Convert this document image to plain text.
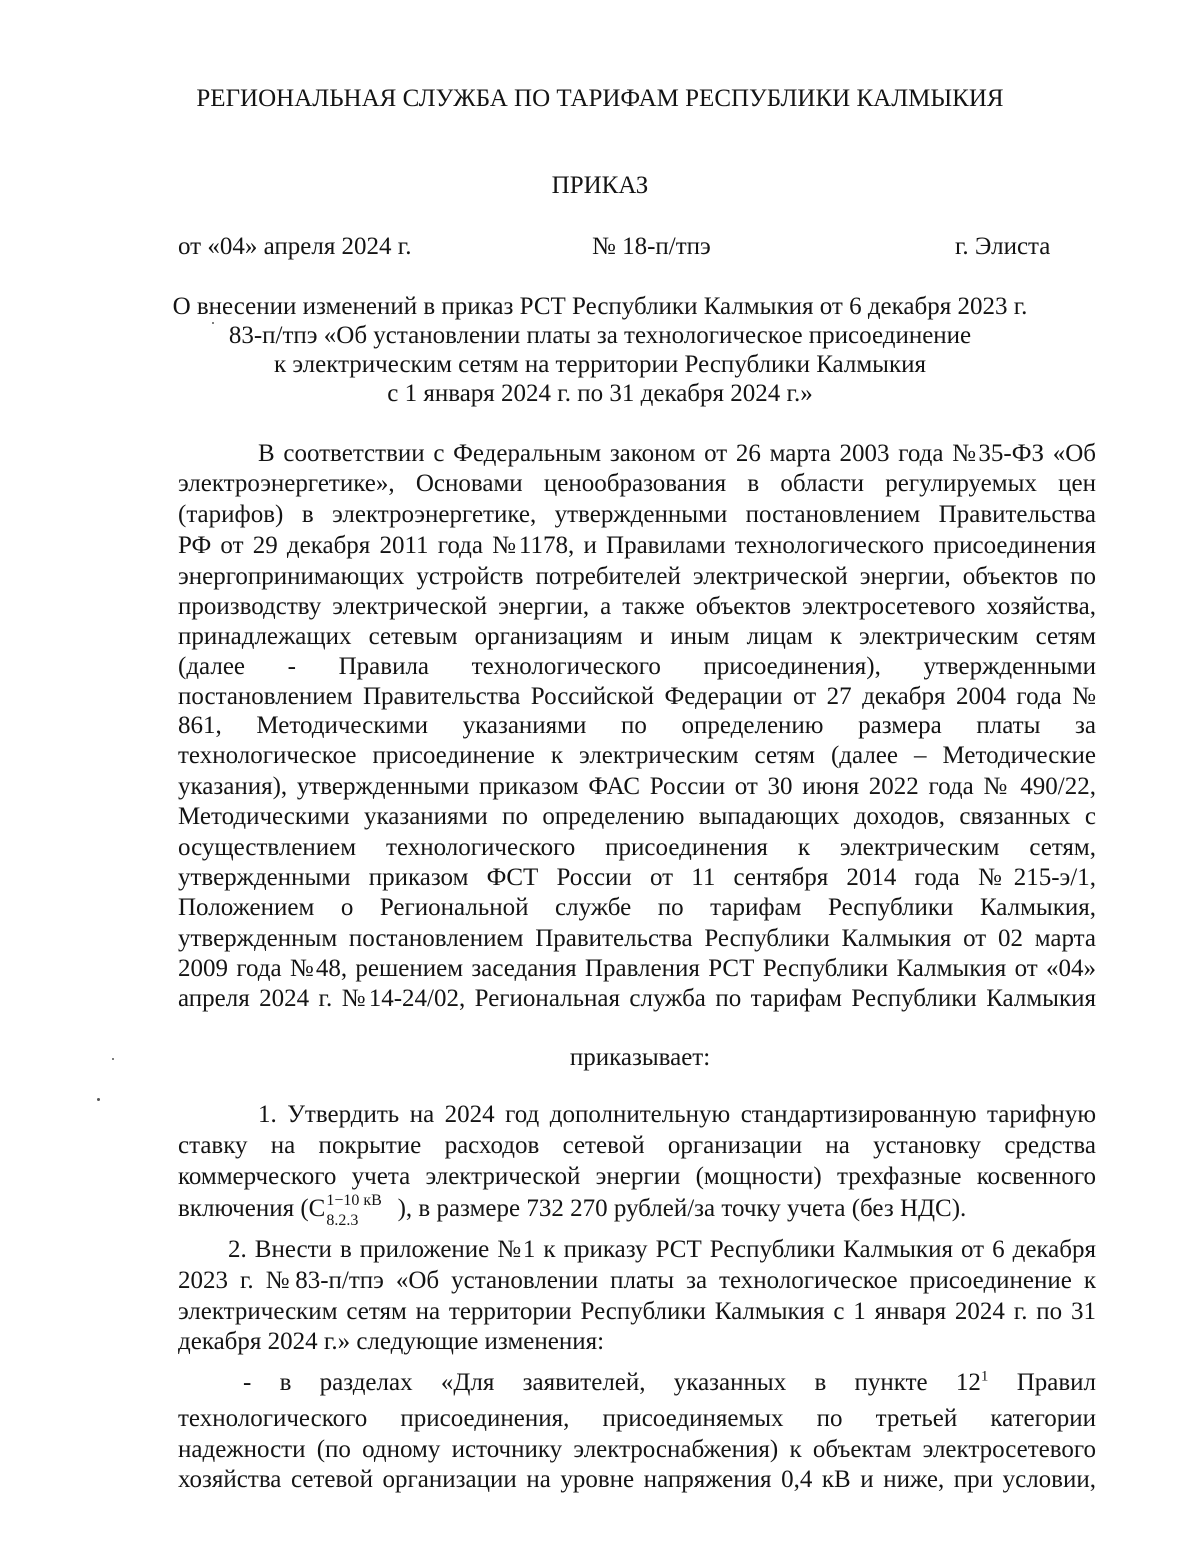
РЕГИОНАЛЬНАЯ СЛУЖБА ПО ТАРИФАМ РЕСПУБЛИКИ КАЛМЫКИЯ
ПРИКАЗ
от «04» апреля 2024 г.	№ 18-п/тпэ	г. Элиста
О внесении изменений в приказ РСТ Республики Калмыкия от 6 декабря 2023 г.
83-п/тпэ «Об установлении платы за технологическое присоединение
к электрическим сетям на территории Республики Калмыкия
с 1 января 2024 г. по 31 декабря 2024 г.»
В соответствии с Федеральным законом от 26 марта 2003 года №35-ФЗ «Об
электроэнергетике», Основами ценообразования в области регулируемых цен
(тарифов) в электроэнергетике, утвержденными постановлением Правительства
РФ от 29 декабря 2011 года №1178, и Правилами технологического присоединения
энергопринимающих устройств потребителей электрической энергии, объектов по
производству электрической энергии, а также объектов электросетевого хозяйства,
принадлежащих сетевым организациям и иным лицам к электрическим сетям
(далее - Правила технологического присоединения), утвержденными
постановлением Правительства Российской Федерации от 27 декабря 2004 года №
861, Методическими указаниями по определению размера платы за
технологическое присоединение к электрическим сетям (далее – Методические
указания), утвержденными приказом ФАС России от 30 июня 2022 года № 490/22,
Методическими указаниями по определению выпадающих доходов, связанных с
осуществлением технологического присоединения к электрическим сетям,
утвержденными приказом ФСТ России от 11 сентября 2014 года №215-э/1,
Положением о Региональной службе по тарифам Республики Калмыкия,
утвержденным постановлением Правительства Республики Калмыкия от 02 марта
2009 года №48, решением заседания Правления РСТ Республики Калмыкия от «04»
апреля 2024 г. №14-24/02, Региональная служба по тарифам Республики Калмыкия
приказывает:
1. Утвердить на 2024 год дополнительную стандартизированную тарифную
ставку на покрытие расходов сетевой организации на установку средства
коммерческого учета электрической энергии (мощности) трехфазные косвенного
включения (C 1−10 кВ
8.2.3 ), в размере 732 270 рублей/за точку учета (без НДС).
2. Внести в приложение №1 к приказу РСТ Республики Калмыкия от 6 декабря
2023 г. №83-п/тпэ «Об установлении платы за технологическое присоединение к
электрическим сетям на территории Республики Калмыкия с 1 января 2024 г. по 31
декабря 2024 г.» следующие изменения:
- в разделах «Для заявителей, указанных в пункте $12^1$ Правил
технологического присоединения, присоединяемых по третьей категории
надежности (по одному источнику электроснабжения) к объектам электросетевого
хозяйства сетевой организации на уровне напряжения 0,4 кВ и ниже, при условии,
